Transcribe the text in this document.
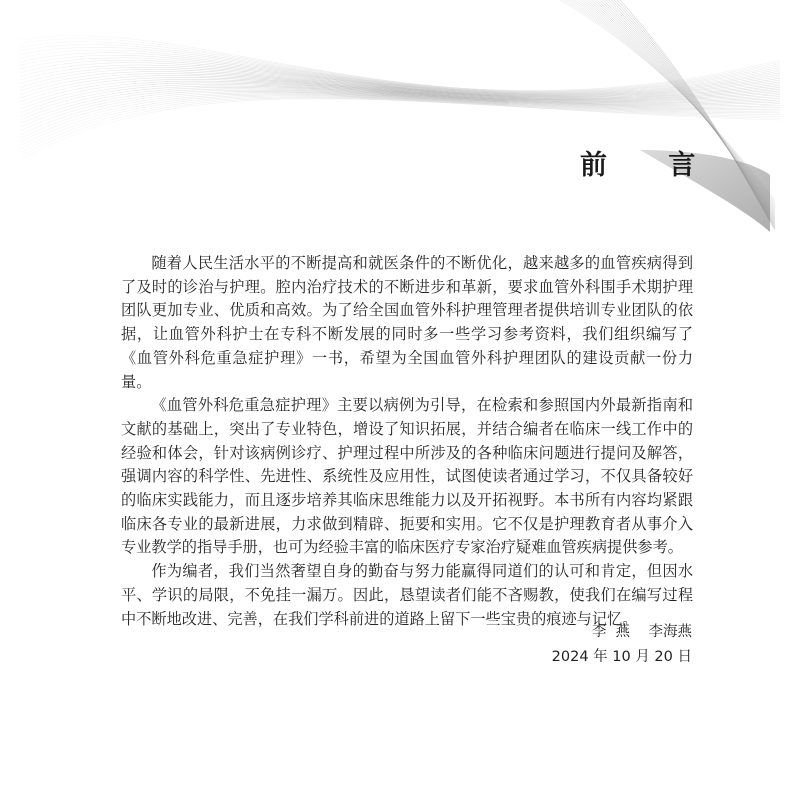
前 言

随着人民生活水平的不断提高和就医条件的不断优化，越来越多的血管疾病得到了及时的诊治与护理。腔内治疗技术的不断进步和革新，要求血管外科围手术期护理团队更加专业、优质和高效。为了给全国血管外科护理管理者提供培训专业团队的依据，让血管外科护士在专科不断发展的同时多一些学习参考资料，我们组织编写了《血管外科危重急症护理》一书，希望为全国血管外科护理团队的建设贡献一份力量。

《血管外科危重急症护理》主要以病例为引导，在检索和参照国内外最新指南和文献的基础上，突出了专业特色，增设了知识拓展，并结合编者在临床一线工作中的经验和体会，针对该病例诊疗、护理过程中所涉及的各种临床问题进行提问及解答，强调内容的科学性、先进性、系统性及应用性，试图使读者通过学习，不仅具备较好的临床实践能力，而且逐步培养其临床思维能力以及开拓视野。本书所有内容均紧跟临床各专业的最新进展，力求做到精辟、扼要和实用。它不仅是护理教育者从事介入专业教学的指导手册，也可为经验丰富的临床医疗专家治疗疑难血管疾病提供参考。

作为编者，我们当然奢望自身的勤奋与努力能赢得同道们的认可和肯定，但因水平、学识的局限，不免挂一漏万。因此，恳望读者们能不吝赐教，使我们在编写过程中不断地改进、完善，在我们学科前进的道路上留下一些宝贵的痕迹与记忆。

李  燕    李海燕
2024 年 10 月 20 日
